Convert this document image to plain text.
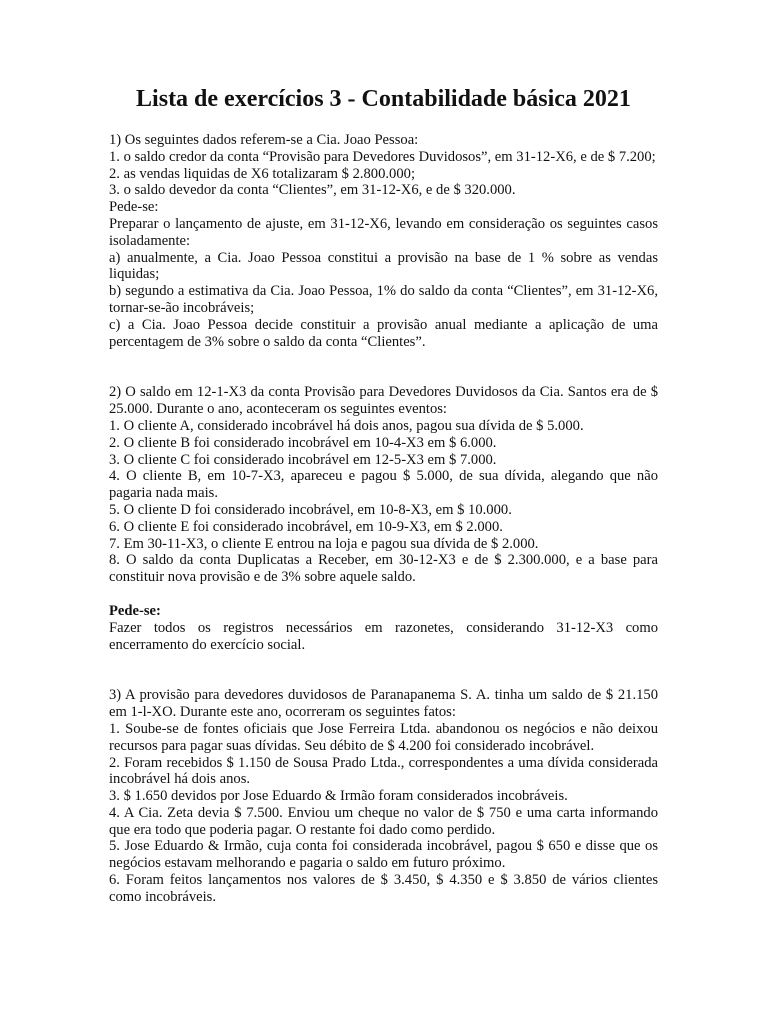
Lista de exercícios 3 - Contabilidade básica 2021

1) Os seguintes dados referem-se a Cia. Joao Pessoa:

1. o saldo credor da conta “Provisão para Devedores Duvidosos”, em 31-12-X6, e de $ 7.200;

2. as vendas liquidas de X6 totalizaram $ 2.800.000;

3. o saldo devedor da conta “Clientes”, em 31-12-X6, e de $ 320.000.

Pede-se:

Preparar o lançamento de ajuste, em 31-12-X6, levando em consideração os seguintes casos isoladamente:

a) anualmente, a Cia. Joao Pessoa constitui a provisão na base de 1 % sobre as vendas liquidas;

b) segundo a estimativa da Cia. Joao Pessoa, 1% do saldo da conta “Clientes”, em 31-12-X6, tornar-se-ão incobráveis;

c) a Cia. Joao Pessoa decide constituir a provisão anual mediante a aplicação de uma percentagem de 3% sobre o saldo da conta “Clientes”.

2) O saldo em 12-1-X3 da conta Provisão para Devedores Duvidosos da Cia. Santos era de $ 25.000. Durante o ano, aconteceram os seguintes eventos:

1. O cliente A, considerado incobrável há dois anos, pagou sua dívida de $ 5.000.

2. O cliente B foi considerado incobrável em 10-4-X3 em $ 6.000.

3. O cliente C foi considerado incobrável em 12-5-X3 em $ 7.000.

4. O cliente B, em 10-7-X3, apareceu e pagou $ 5.000, de sua dívida, alegando que não pagaria nada mais.

5. O cliente D foi considerado incobrável, em 10-8-X3, em $ 10.000.

6. O cliente E foi considerado incobrável, em 10-9-X3, em $ 2.000.

7. Em 30-11-X3, o cliente E entrou na loja e pagou sua dívida de $ 2.000.

8. O saldo da conta Duplicatas a Receber, em 30-12-X3 e de $ 2.300.000, e a base para constituir nova provisão e de 3% sobre aquele saldo.

Pede-se:

Fazer todos os registros necessários em razonetes, considerando 31-12-X3 como encerramento do exercício social.

3) A provisão para devedores duvidosos de Paranapanema S. A. tinha um saldo de $ 21.150 em 1-l-XO. Durante este ano, ocorreram os seguintes fatos:

1. Soube-se de fontes oficiais que Jose Ferreira Ltda. abandonou os negócios e não deixou recursos para pagar suas dívidas. Seu débito de $ 4.200 foi considerado incobrável.

2. Foram recebidos $ 1.150 de Sousa Prado Ltda., correspondentes a uma dívida considerada incobrável há dois anos.

3. $ 1.650 devidos por Jose Eduardo & Irmão foram considerados incobráveis.

4. A Cia. Zeta devia $ 7.500. Enviou um cheque no valor de $ 750 e uma carta informando que era todo que poderia pagar. O restante foi dado como perdido.

5. Jose Eduardo & Irmão, cuja conta foi considerada incobrável, pagou $ 650 e disse que os negócios estavam melhorando e pagaria o saldo em futuro próximo.

6. Foram feitos lançamentos nos valores de $ 3.450, $ 4.350 e $ 3.850 de vários clientes como incobráveis.
